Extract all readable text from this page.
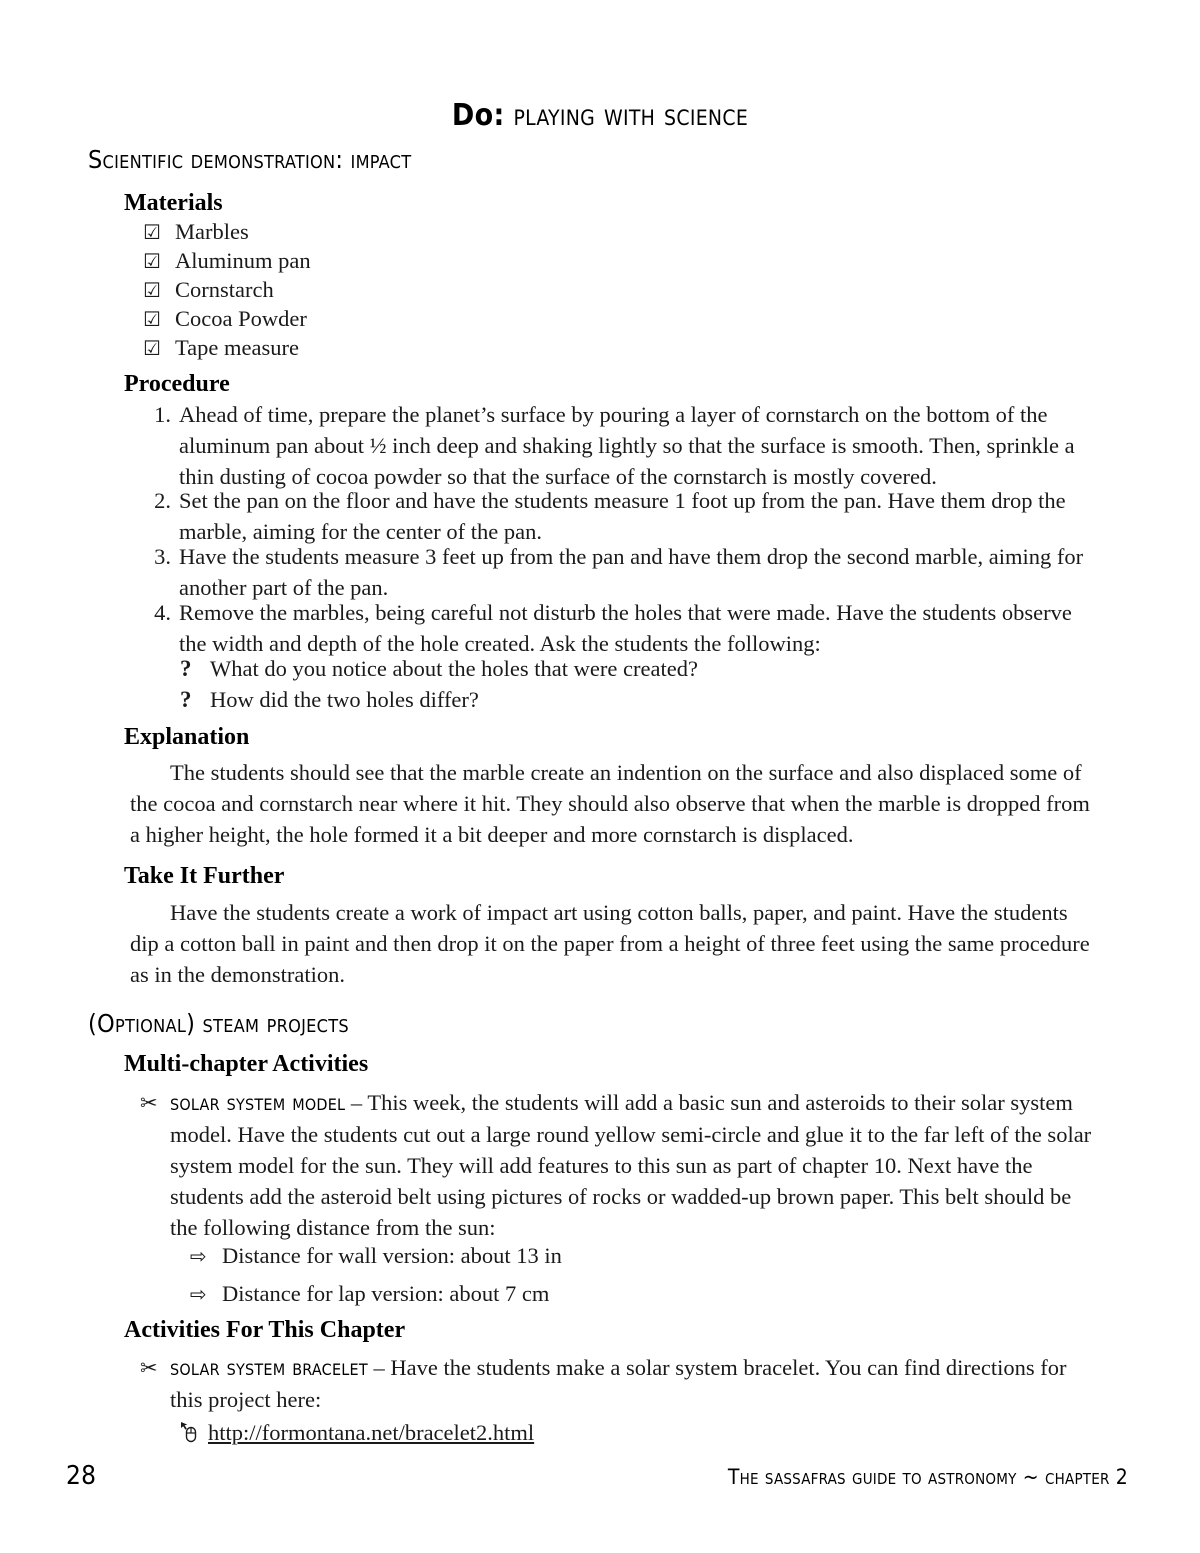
Do: playing with science
Scientific demonstration: impact
Materials
☑ Marbles
☑ Aluminum pan
☑ Cornstarch
☑ Cocoa Powder
☑ Tape measure
Procedure
1. Ahead of time, prepare the planet’s surface by pouring a layer of cornstarch on the bottom of the aluminum pan about ½ inch deep and shaking lightly so that the surface is smooth. Then, sprinkle a thin dusting of cocoa powder so that the surface of the cornstarch is mostly covered.
2. Set the pan on the floor and have the students measure 1 foot up from the pan. Have them drop the marble, aiming for the center of the pan.
3. Have the students measure 3 feet up from the pan and have them drop the second marble, aiming for another part of the pan.
4. Remove the marbles, being careful not disturb the holes that were made. Have the students observe the width and depth of the hole created. Ask the students the following:
? What do you notice about the holes that were created?
? How did the two holes differ?
Explanation
The students should see that the marble create an indention on the surface and also displaced some of the cocoa and cornstarch near where it hit. They should also observe that when the marble is dropped from a higher height, the hole formed it a bit deeper and more cornstarch is displaced.
Take It Further
Have the students create a work of impact art using cotton balls, paper, and paint. Have the students dip a cotton ball in paint and then drop it on the paper from a height of three feet using the same procedure as in the demonstration.
(Optional) steam projects
Multi-chapter Activities
✂ solar system model – This week, the students will add a basic sun and asteroids to their solar system model. Have the students cut out a large round yellow semi-circle and glue it to the far left of the solar system model for the sun. They will add features to this sun as part of chapter 10. Next have the students add the asteroid belt using pictures of rocks or wadded-up brown paper. This belt should be the following distance from the sun:
⇨ Distance for wall version: about 13 in
⇨ Distance for lap version: about 7 cm
Activities For This Chapter
✂ solar system bracelet – Have the students make a solar system bracelet. You can find directions for this project here:
http://formontana.net/bracelet2.html
28	the sassafras guide to astronomy ~ chapter 2
